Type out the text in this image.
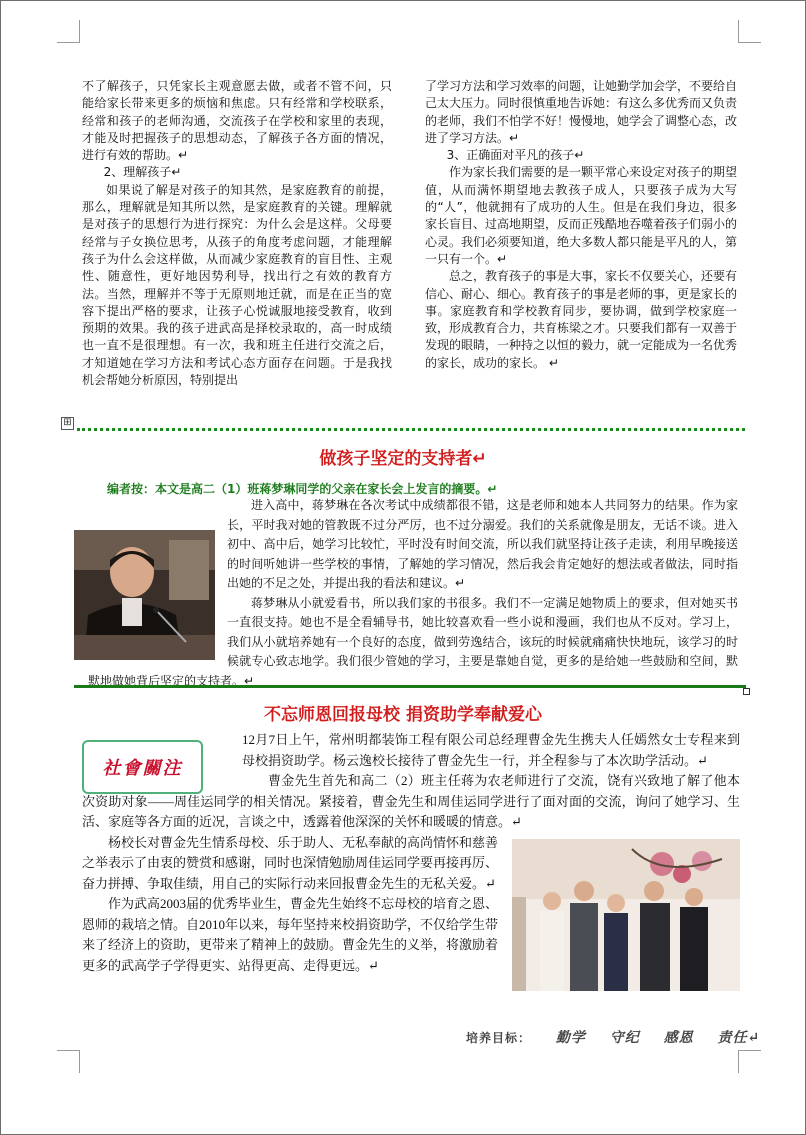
不了解孩子，只凭家长主观意愿去做，或者不管不问，只能给家长带来更多的烦恼和焦虑。只有经常和学校联系，经常和孩子的老师沟通，交流孩子在学校和家里的表现，才能及时把握孩子的思想动态，了解孩子各方面的情况，进行有效的帮助。↵

2、理解孩子↵

如果说了解是对孩子的知其然，是家庭教育的前提，那么，理解就是知其所以然，是家庭教育的关键。理解就是对孩子的思想行为进行探究：为什么会是这样。父母要经常与子女换位思考，从孩子的角度考虑问题，才能理解孩子为什么会这样做，从而减少家庭教育的盲目性、主观性、随意性，更好地因势利导，找出行之有效的教育方法。当然，理解并不等于无原则地迁就，而是在正当的宽容下提出严格的要求，让孩子心悦诚服地接受教育，收到预期的效果。我的孩子进武高是择校录取的，高一时成绩也一直不是很理想。有一次，我和班主任进行交流之后，才知道她在学习方法和考试心态方面存在问题。于是我找机会帮她分析原因，特别提出

了学习方法和学习效率的问题，让她勤学加会学，不要给自己太大压力。同时很慎重地告诉她：有这么多优秀而又负责的老师，我们不怕学不好！慢慢地，她学会了调整心态，改进了学习方法。↵

3、正确面对平凡的孩子↵

作为家长我们需要的是一颗平常心来设定对孩子的期望值，从而满怀期望地去教孩子成人，只要孩子成为大写的“人”，他就拥有了成功的人生。但是在我们身边，很多家长盲目、过高地期望，反而正残酷地吞噬着孩子们弱小的心灵。我们必须要知道，绝大多数人都只能是平凡的人，第一只有一个。↵

总之，教育孩子的事是大事，家长不仅要关心，还要有信心、耐心、细心。教育孩子的事是老师的事，更是家长的事。家庭教育和学校教育同步，要协调，做到学校家庭一致，形成教育合力，共育栋梁之才。只要我们都有一双善于发现的眼睛，一种持之以恒的毅力，就一定能成为一名优秀的家长，成功的家长。 ↵

⊞
做孩子坚定的支持者↵
编者按：本文是高二（1）班蒋梦琳同学的父亲在家长会上发言的摘要。↵

进入高中，蒋梦琳在各次考试中成绩都很不错，这是老师和她本人共同努力的结果。作为家长，平时我对她的管教既不过分严厉，也不过分溺爱。我们的关系就像是朋友，无话不谈。进入初中、高中后，她学习比较忙，平时没有时间交流，所以我们就坚持让孩子走读，利用早晚接送的时间听她讲一些学校的事情，了解她的学习情况，然后我会肯定她好的想法或者做法，同时指出她的不足之处，并提出我的看法和建议。↵

蒋梦琳从小就爱看书，所以我们家的书很多。我们不一定满足她物质上的要求，但对她买书一直很支持。她也不是全看辅导书，她比较喜欢看一些小说和漫画，我们也从不反对。学习上，我们从小就培养她有一个良好的态度，做到劳逸结合，该玩的时候就痛痛快快地玩，该学习的时候就专心致志地学。我们很少管她的学习，主要是靠她自觉，更多的是给她一些鼓励和空间，默默地做她背后坚定的支持者。↵

不忘师恩回报母校 捐资助学奉献爱心
社會關注

12月7日上午，常州明都装饰工程有限公司总经理曹金先生携夫人任嫣然女士专程来到母校捐资助学。杨云逸校长接待了曹金先生一行，并全程参与了本次助学活动。↵

曹金先生首先和高二（2）班主任蒋为农老师进行了交流，饶有兴致地了解了他本次资助对象——周佳运同学的相关情况。紧接着，曹金先生和周佳运同学进行了面对面的交流，询问了她学习、生活、家庭等各方面的近况，言谈之中，透露着他深深的关怀和暖暖的情意。↵

杨校长对曹金先生情系母校、乐于助人、无私奉献的高尚情怀和慈善之举表示了由衷的赞赏和感谢，同时也深情勉励周佳运同学要再接再厉、奋力拼搏、争取佳绩，用自己的实际行动来回报曹金先生的无私关爱。↵

作为武高2003届的优秀毕业生，曹金先生始终不忘母校的培育之恩、恩师的栽培之情。自2010年以来，每年坚持来校捐资助学，不仅给学生带来了经济上的资助，更带来了精神上的鼓励。曹金先生的义举，将激励着更多的武高学子学得更实、站得更高、走得更远。↵

培养目标： 勤学 守纪 感恩 责任↵
